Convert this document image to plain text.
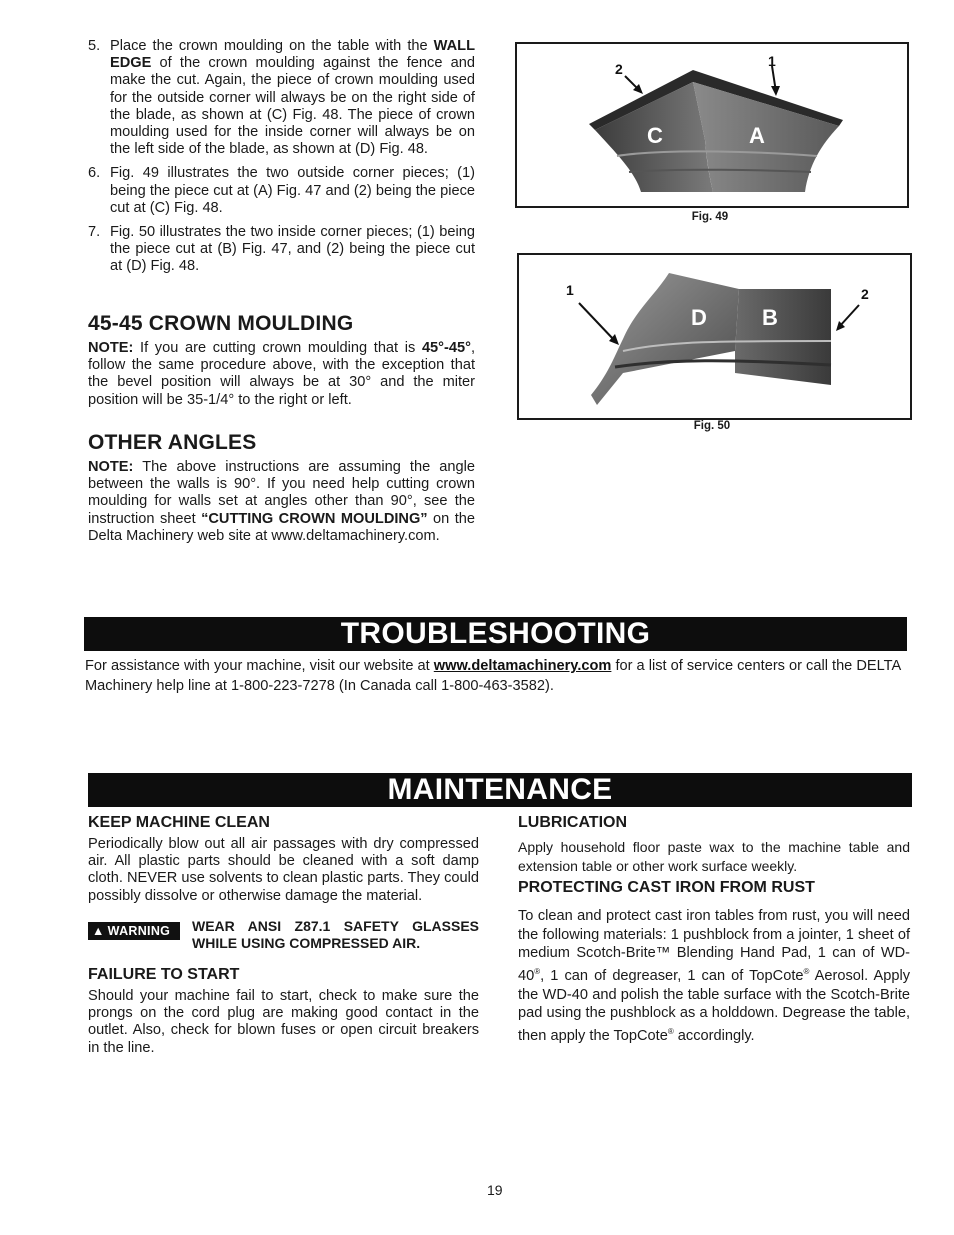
5. Place the crown moulding on the table with the WALL EDGE of the crown moulding against the fence and make the cut. Again, the piece of crown moulding used for the outside corner will always be on the right side of the blade, as shown at (C) Fig. 48. The piece of crown moulding used for the inside corner will always be on the left side of the blade, as shown at (D) Fig. 48.
6. Fig. 49 illustrates the two outside corner pieces; (1) being the piece cut at (A) Fig. 47 and (2) being the piece cut at (C) Fig. 48.
7. Fig. 50 illustrates the two inside corner pieces; (1) being the piece cut at (B) Fig. 47, and (2) being the piece cut at (D) Fig. 48.
45-45 CROWN MOULDING
NOTE: If you are cutting crown moulding that is 45°-45°, follow the same procedure above, with the exception that the bevel position will always be at 30° and the miter position will be 35-1/4° to the right or left.
OTHER ANGLES
NOTE: The above instructions are assuming the angle between the walls is 90°. If you need help cutting crown moulding for walls set at angles other than 90°, see the instruction sheet “CUTTING CROWN MOULDING” on the Delta Machinery web site at www.deltamachinery.com.
2	1
C	A
Fig. 49
1	2
D	B
Fig. 50
TROUBLESHOOTING
For assistance with your machine, visit our website at www.deltamachinery.com for a list of service centers or call the DELTA Machinery help line at 1-800-223-7278 (In Canada call 1-800-463-3582).
MAINTENANCE
KEEP MACHINE CLEAN
Periodically blow out all air passages with dry compressed air. All plastic parts should be cleaned with a soft damp cloth. NEVER use solvents to clean plastic parts. They could possibly dissolve or otherwise damage the material.
▲ WARNING	WEAR ANSI Z87.1 SAFETY GLASSES WHILE USING COMPRESSED AIR.
FAILURE TO START
Should your machine fail to start, check to make sure the prongs on the cord plug are making good contact in the outlet. Also, check for blown fuses or open circuit breakers in the line.
LUBRICATION
Apply household floor paste wax to the machine table and extension table or other work surface weekly.
PROTECTING CAST IRON FROM RUST
To clean and protect cast iron tables from rust, you will need the following materials: 1 pushblock from a jointer, 1 sheet of medium Scotch-Brite™ Blending Hand Pad, 1 can of WD-40®, 1 can of degreaser, 1 can of TopCote® Aerosol. Apply the WD-40 and polish the table surface with the Scotch-Brite pad using the pushblock as a holddown. Degrease the table, then apply the TopCote® accordingly.
19
